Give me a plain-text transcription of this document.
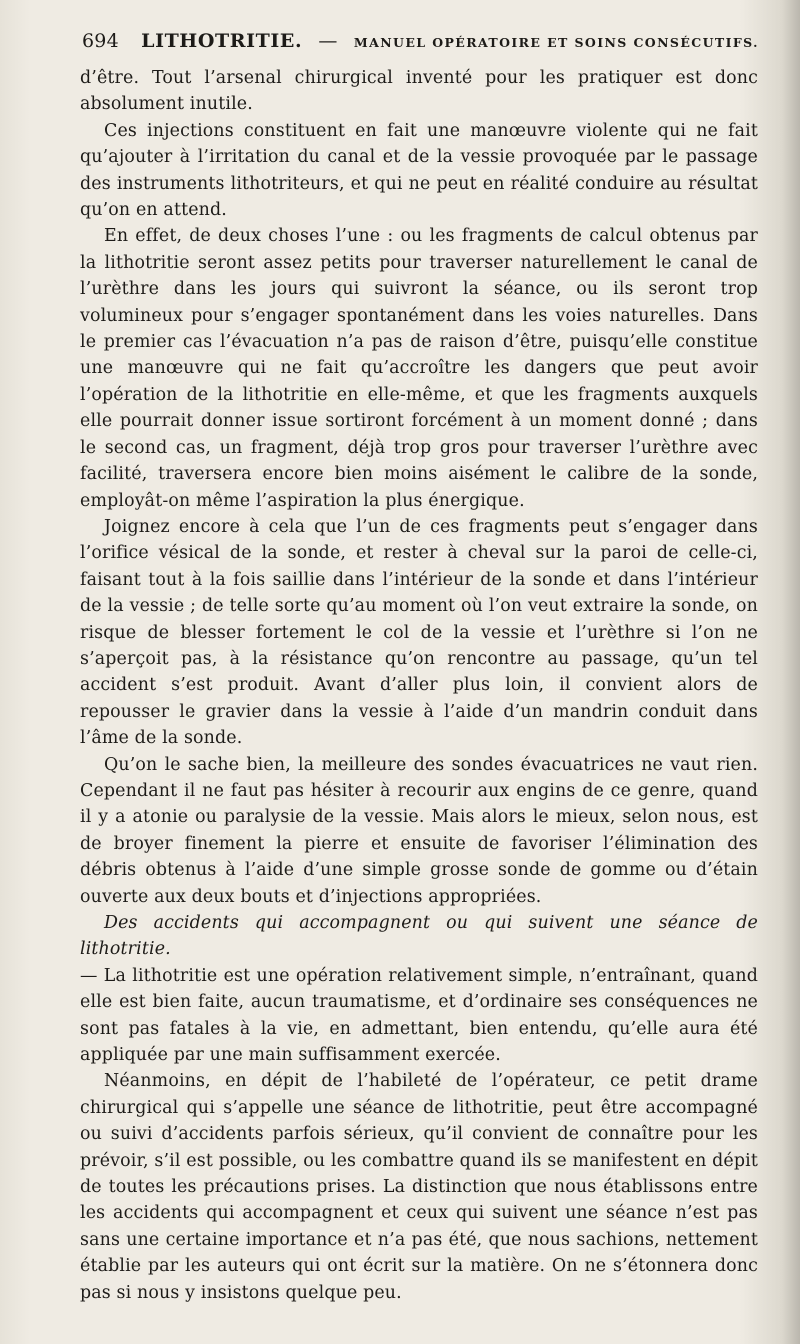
694 LITHOTRITIE. — MANUEL OPÉRATOIRE ET SOINS CONSÉCUTIFS.

d’être. Tout l’arsenal chirurgical inventé pour les pratiquer est donc absolument inutile.

Ces injections constituent en fait une manœuvre violente qui ne fait qu’ajouter à l’irritation du canal et de la vessie provoquée par le passage des instruments lithotriteurs, et qui ne peut en réalité conduire au résultat qu’on en attend.

En effet, de deux choses l’une : ou les fragments de calcul obtenus par la lithotritie seront assez petits pour traverser naturellement le canal de l’urèthre dans les jours qui suivront la séance, ou ils seront trop volumineux pour s’engager spontanément dans les voies naturelles. Dans le premier cas l’évacuation n’a pas de raison d’être, puisqu’elle constitue une manœuvre qui ne fait qu’accroître les dangers que peut avoir l’opération de la lithotritie en elle-même, et que les fragments auxquels elle pourrait donner issue sortiront forcément à un moment donné ; dans le second cas, un fragment, déjà trop gros pour traverser l’urèthre avec facilité, traversera encore bien moins aisément le calibre de la sonde, employât-on même l’aspiration la plus énergique.

Joignez encore à cela que l’un de ces fragments peut s’engager dans l’orifice vésical de la sonde, et rester à cheval sur la paroi de celle-ci, faisant tout à la fois saillie dans l’intérieur de la sonde et dans l’intérieur de la vessie ; de telle sorte qu’au moment où l’on veut extraire la sonde, on risque de blesser fortement le col de la vessie et l’urèthre si l’on ne s’aperçoit pas, à la résistance qu’on rencontre au passage, qu’un tel accident s’est produit. Avant d’aller plus loin, il convient alors de repousser le gravier dans la vessie à l’aide d’un mandrin conduit dans l’âme de la sonde.

Qu’on le sache bien, la meilleure des sondes évacuatrices ne vaut rien. Cependant il ne faut pas hésiter à recourir aux engins de ce genre, quand il y a atonie ou paralysie de la vessie. Mais alors le mieux, selon nous, est de broyer finement la pierre et ensuite de favoriser l’élimination des débris obtenus à l’aide d’une simple grosse sonde de gomme ou d’étain ouverte aux deux bouts et d’injections appropriées.

Des accidents qui accompagnent ou qui suivent une séance de lithotritie.
— La lithotritie est une opération relativement simple, n’entraînant, quand elle est bien faite, aucun traumatisme, et d’ordinaire ses conséquences ne sont pas fatales à la vie, en admettant, bien entendu, qu’elle aura été appliquée par une main suffisamment exercée.

Néanmoins, en dépit de l’habileté de l’opérateur, ce petit drame chirurgical qui s’appelle une séance de lithotritie, peut être accompagné ou suivi d’accidents parfois sérieux, qu’il convient de connaître pour les prévoir, s’il est possible, ou les combattre quand ils se manifestent en dépit de toutes les précautions prises. La distinction que nous établissons entre les accidents qui accompagnent et ceux qui suivent une séance n’est pas sans une certaine importance et n’a pas été, que nous sachions, nettement établie par les auteurs qui ont écrit sur la matière. On ne s’étonnera donc pas si nous y insistons quelque peu.
